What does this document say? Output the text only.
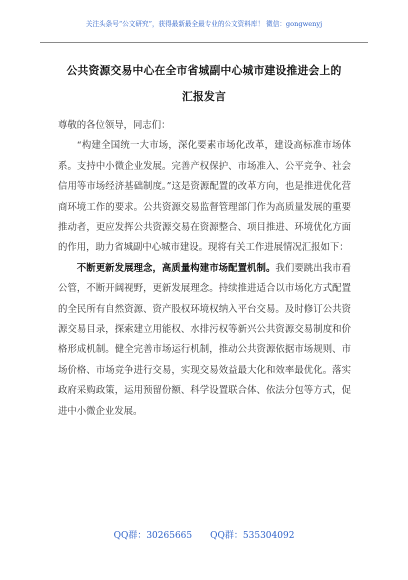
关注头条号“公文研究”，获得最新最全最专业的公文资料库！ 微信：gongwenyj
公共资源交易中心在全市省城副中心城市建设推进会上的
汇报发言

尊敬的各位领导，同志们：

“构建全国统一大市场，深化要素市场化改革，建设高标准市场体系。支持中小微企业发展。完善产权保护、市场准入、公平竞争、社会信用等市场经济基础制度。”这是资源配置的改革方向，也是推进优化营商环境工作的要求。公共资源交易监督管理部门作为高质量发展的重要推动者，更应发挥公共资源交易在资源整合、项目推进、环境优化方面的作用，助力省城副中心城市建设。现将有关工作进展情况汇报如下：

不断更新发展理念，高质量构建市场配置机制。我们要跳出我市看公管，不断开阔视野，更新发展理念。持续推进适合以市场化方式配置的全民所有自然资源、资产股权环境权纳入平台交易。及时修订公共资源交易目录，探索建立用能权、水排污权等新兴公共资源交易制度和价格形成机制。健全完善市场运行机制，推动公共资源依据市场规则、市场价格、市场竞争进行交易，实现交易效益最大化和效率最优化。落实政府采购政策，运用预留份额、科学设置联合体、依法分包等方式，促进中小微企业发展。

QQ群：30265665 QQ群：535304092
